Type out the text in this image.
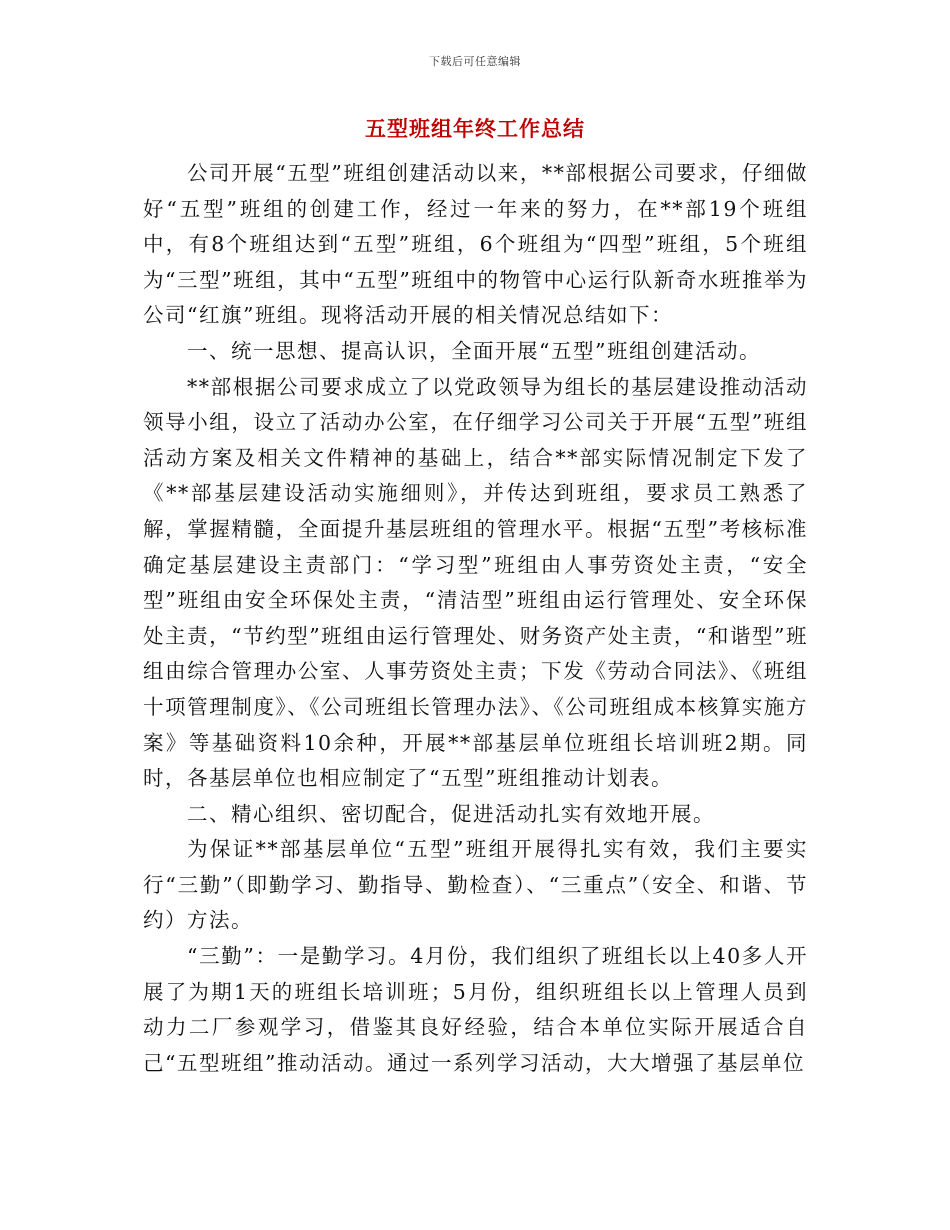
下载后可任意编辑
五型班组年终工作总结

公司开展“五型”班组创建活动以来，**部根据公司要求，仔细做好“五型”班组的创建工作，经过一年来的努力，在**部19个班组中，有8个班组达到“五型”班组，6个班组为“四型”班组，5个班组为“三型”班组，其中“五型”班组中的物管中心运行队新奇水班推举为公司“红旗”班组。现将活动开展的相关情况总结如下：

一、统一思想、提高认识，全面开展“五型”班组创建活动。

**部根据公司要求成立了以党政领导为组长的基层建设推动活动领导小组，设立了活动办公室，在仔细学习公司关于开展“五型”班组活动方案及相关文件精神的基础上，结合**部实际情况制定下发了《**部基层建设活动实施细则》，并传达到班组，要求员工熟悉了解，掌握精髓，全面提升基层班组的管理水平。根据“五型”考核标准确定基层建设主责部门：“学习型”班组由人事劳资处主责，“安全型”班组由安全环保处主责，“清洁型”班组由运行管理处、安全环保处主责，“节约型”班组由运行管理处、财务资产处主责，“和谐型”班组由综合管理办公室、人事劳资处主责；下发《劳动合同法》、《班组十项管理制度》、《公司班组长管理办法》、《公司班组成本核算实施方案》等基础资料10余种，开展**部基层单位班组长培训班2期。同时，各基层单位也相应制定了“五型”班组推动计划表。

二、精心组织、密切配合，促进活动扎实有效地开展。

为保证**部基层单位“五型”班组开展得扎实有效，我们主要实行“三勤”（即勤学习、勤指导、勤检查）、“三重点”（安全、和谐、节约）方法。

“三勤”：一是勤学习。4月份，我们组织了班组长以上40多人开展了为期1天的班组长培训班；5月份，组织班组长以上管理人员到动力二厂参观学习，借鉴其良好经验，结合本单位实际开展适合自己“五型班组”推动活动。通过一系列学习活动，大大增强了基层单位
